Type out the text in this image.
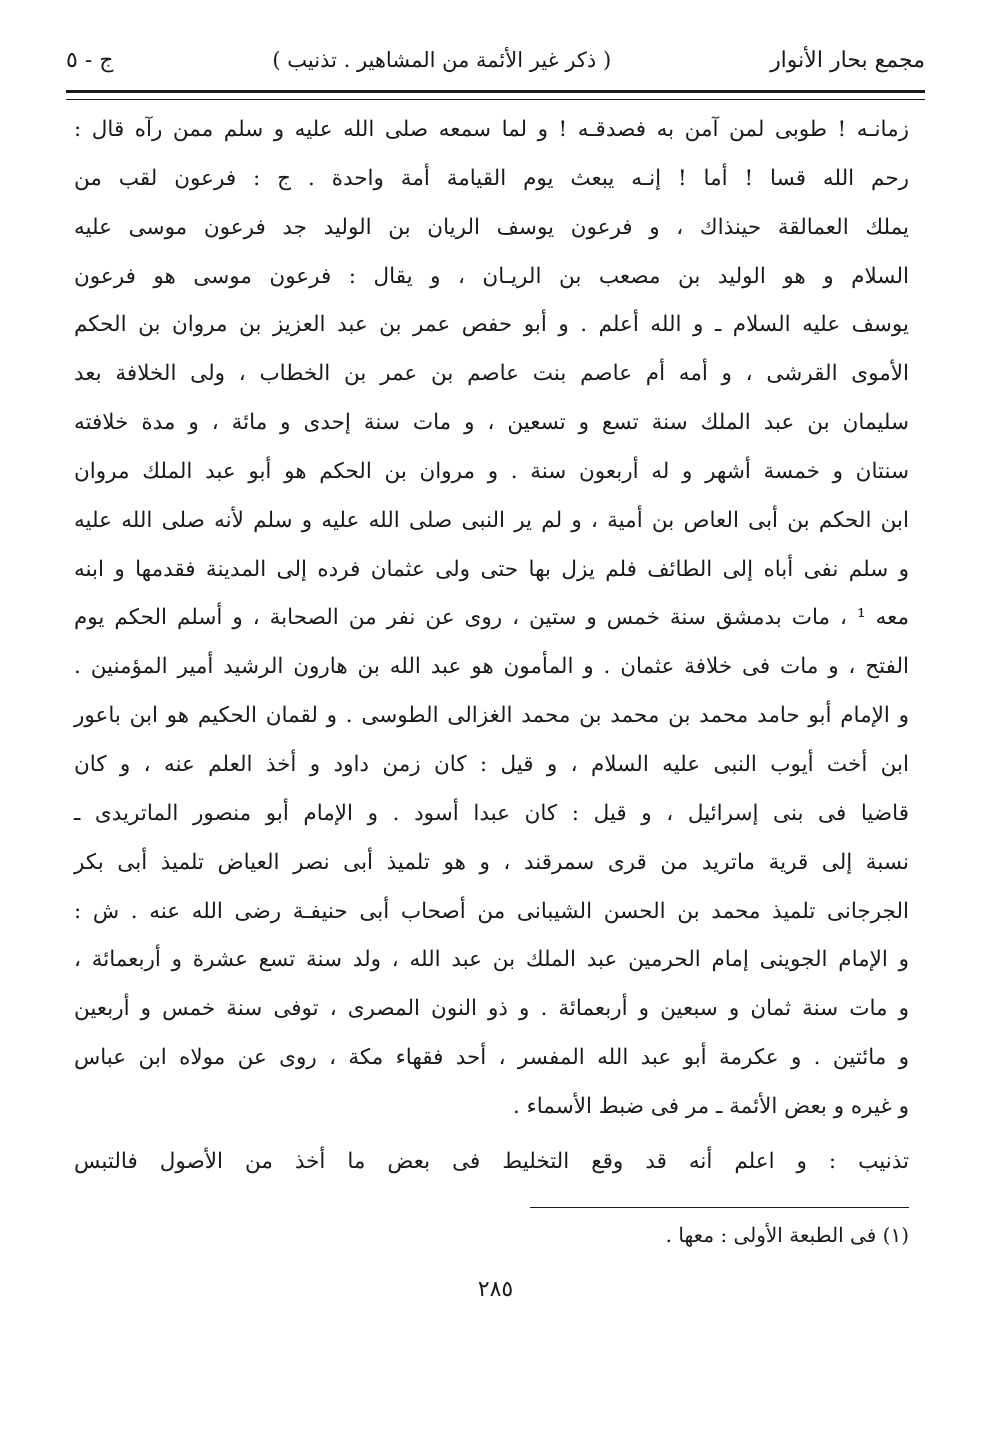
مجمع بحار الأنوار
( ذكر غير الأئمة من المشاهير . تذنيب )
ج - ٥
زمانـه ! طوبى لمن آمن به فصدقـه ! و لما سمعه صلى الله عليه و سلم ممن رآه قال :
رحم الله قسا ! أما ! إنـه يبعث يوم القيامة أمة واحدة . ج : فرعون لقب من
يملك العمالقة حينذاك ، و فرعون يوسف الريان بن الوليد جد فرعون موسى عليه
السلام و هو الوليد بن مصعب بن الريـان ، و يقال : فرعون موسى هو فرعون
يوسف عليه السلام ـ و الله أعلم . و أبو حفص عمر بن عبد العزيز بن مروان بن الحكم
الأموى القرشى ، و أمه أم عاصم بنت عاصم بن عمر بن الخطاب ، ولى الخلافة بعد
سليمان بن عبد الملك سنة تسع و تسعين ، و مات سنة إحدى و مائة ، و مدة خلافته
سنتان و خمسة أشهر و له أربعون سنة . و مروان بن الحكم هو أبو عبد الملك مروان
ابن الحكم بن أبى العاص بن أمية ، و لم ير النبى صلى الله عليه و سلم لأنه صلى الله عليه
و سلم نفى أباه إلى الطائف فلم يزل بها حتى ولى عثمان فرده إلى المدينة فقدمها و ابنه
معه ¹ ، مات بدمشق سنة خمس و ستين ، روى عن نفر من الصحابة ، و أسلم الحكم يوم
الفتح ، و مات فى خلافة عثمان . و المأمون هو عبد الله بن هارون الرشيد أمير المؤمنين .
و الإمام أبو حامد محمد بن محمد بن محمد الغزالى الطوسى . و لقمان الحكيم هو ابن باعور
ابن أخت أيوب النبى عليه السلام ، و قيل : كان زمن داود و أخذ العلم عنه ، و كان
قاضيا فى بنى إسرائيل ، و قيل : كان عبدا أسود . و الإمام أبو منصور الماتريدى ـ
نسبة إلى قرية ماتريد من قرى سمرقند ، و هو تلميذ أبى نصر العياض تلميذ أبى بكر
الجرجانى تلميذ محمد بن الحسن الشيبانى من أصحاب أبى حنيفـة رضى الله عنه . ش :
و الإمام الجوينى إمام الحرمين عبد الملك بن عبد الله ، ولد سنة تسع عشرة و أربعمائة ،
و مات سنة ثمان و سبعين و أربعمائة . و ذو النون المصرى ، توفى سنة خمس و أربعين
و مائتين . و عكرمة أبو عبد الله المفسر ، أحد فقهاء مكة ، روى عن مولاه ابن عباس
و غيره و بعض الأئمة ـ مر فى ضبط الأسماء .
تذنيب : و اعلم أنه قد وقع التخليط فى بعض ما أخذ من الأصول فالتبس
(١) فى الطبعة الأولى : معها .
٢٨٥
